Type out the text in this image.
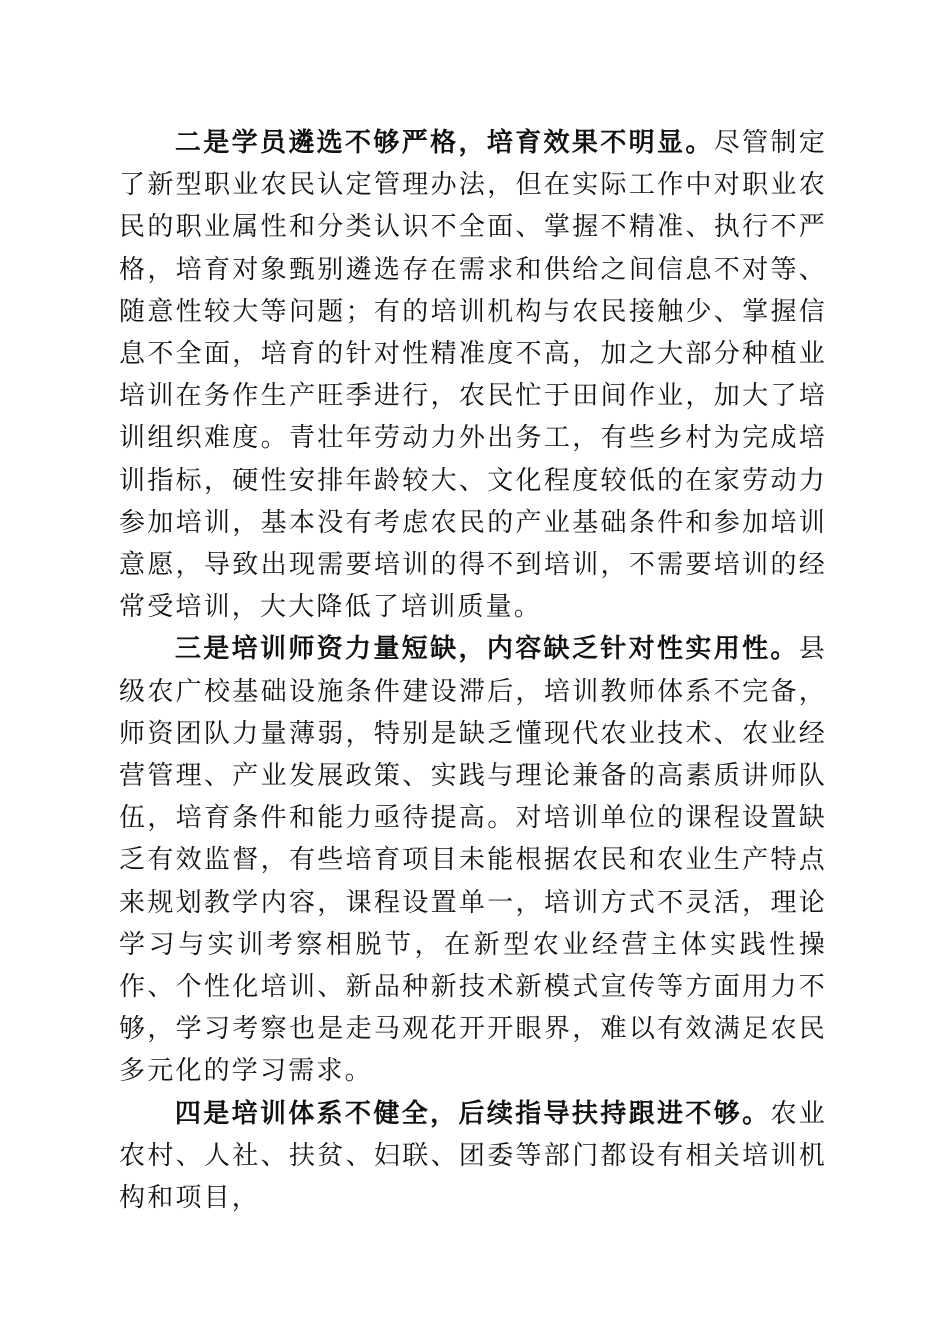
二是学员遴选不够严格，培育效果不明显。尽管制定了新型职业农民认定管理办法，但在实际工作中对职业农民的职业属性和分类认识不全面、掌握不精准、执行不严格，培育对象甄别遴选存在需求和供给之间信息不对等、随意性较大等问题；有的培训机构与农民接触少、掌握信息不全面，培育的针对性精准度不高，加之大部分种植业培训在务作生产旺季进行，农民忙于田间作业，加大了培训组织难度。青壮年劳动力外出务工，有些乡村为完成培训指标，硬性安排年龄较大、文化程度较低的在家劳动力参加培训，基本没有考虑农民的产业基础条件和参加培训意愿，导致出现需要培训的得不到培训，不需要培训的经常受培训，大大降低了培训质量。

三是培训师资力量短缺，内容缺乏针对性实用性。县级农广校基础设施条件建设滞后，培训教师体系不完备，师资团队力量薄弱，特别是缺乏懂现代农业技术、农业经营管理、产业发展政策、实践与理论兼备的高素质讲师队伍，培育条件和能力亟待提高。对培训单位的课程设置缺乏有效监督，有些培育项目未能根据农民和农业生产特点来规划教学内容，课程设置单一，培训方式不灵活，理论学习与实训考察相脱节，在新型农业经营主体实践性操作、个性化培训、新品种新技术新模式宣传等方面用力不够，学习考察也是走马观花开开眼界，难以有效满足农民多元化的学习需求。

四是培训体系不健全，后续指导扶持跟进不够。农业农村、人社、扶贫、妇联、团委等部门都设有相关培训机构和项目，
